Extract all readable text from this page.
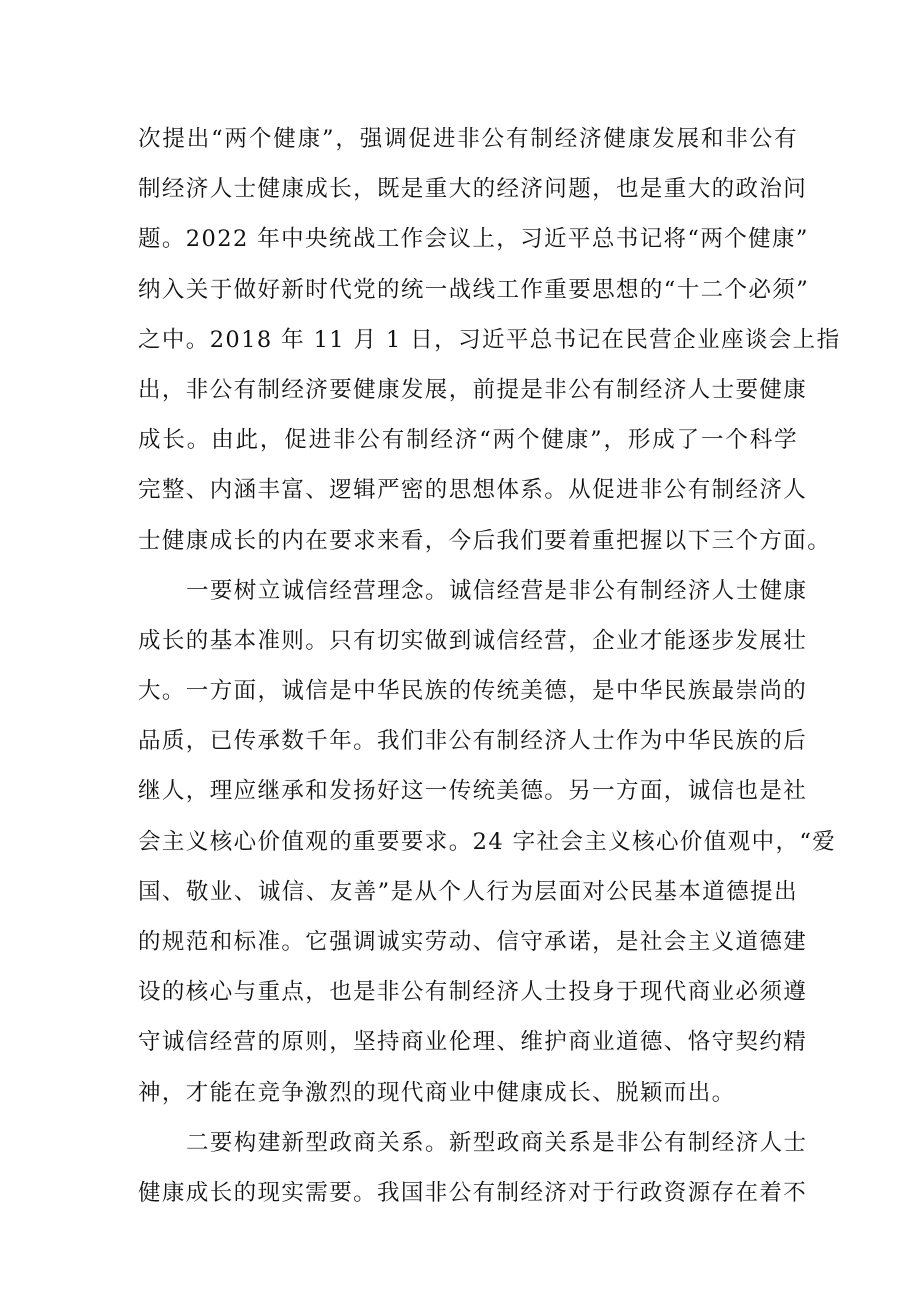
次提出“两个健康”，强调促进非公有制经济健康发展和非公有
制经济人士健康成长，既是重大的经济问题，也是重大的政治问
题。2022 年中央统战工作会议上，习近平总书记将“两个健康”
纳入关于做好新时代党的统一战线工作重要思想的“十二个必须”
之中。2018 年 11 月 1 日，习近平总书记在民营企业座谈会上指
出，非公有制经济要健康发展，前提是非公有制经济人士要健康
成长。由此，促进非公有制经济“两个健康”，形成了一个科学
完整、内涵丰富、逻辑严密的思想体系。从促进非公有制经济人
士健康成长的内在要求来看，今后我们要着重把握以下三个方面。
一要树立诚信经营理念。诚信经营是非公有制经济人士健康
成长的基本准则。只有切实做到诚信经营，企业才能逐步发展壮
大。一方面，诚信是中华民族的传统美德，是中华民族最崇尚的
品质，已传承数千年。我们非公有制经济人士作为中华民族的后
继人，理应继承和发扬好这一传统美德。另一方面，诚信也是社
会主义核心价值观的重要要求。24 字社会主义核心价值观中，“爱
国、敬业、诚信、友善”是从个人行为层面对公民基本道德提出
的规范和标准。它强调诚实劳动、信守承诺，是社会主义道德建
设的核心与重点，也是非公有制经济人士投身于现代商业必须遵
守诚信经营的原则，坚持商业伦理、维护商业道德、恪守契约精
神，才能在竞争激烈的现代商业中健康成长、脱颖而出。
二要构建新型政商关系。新型政商关系是非公有制经济人士
健康成长的现实需要。我国非公有制经济对于行政资源存在着不
